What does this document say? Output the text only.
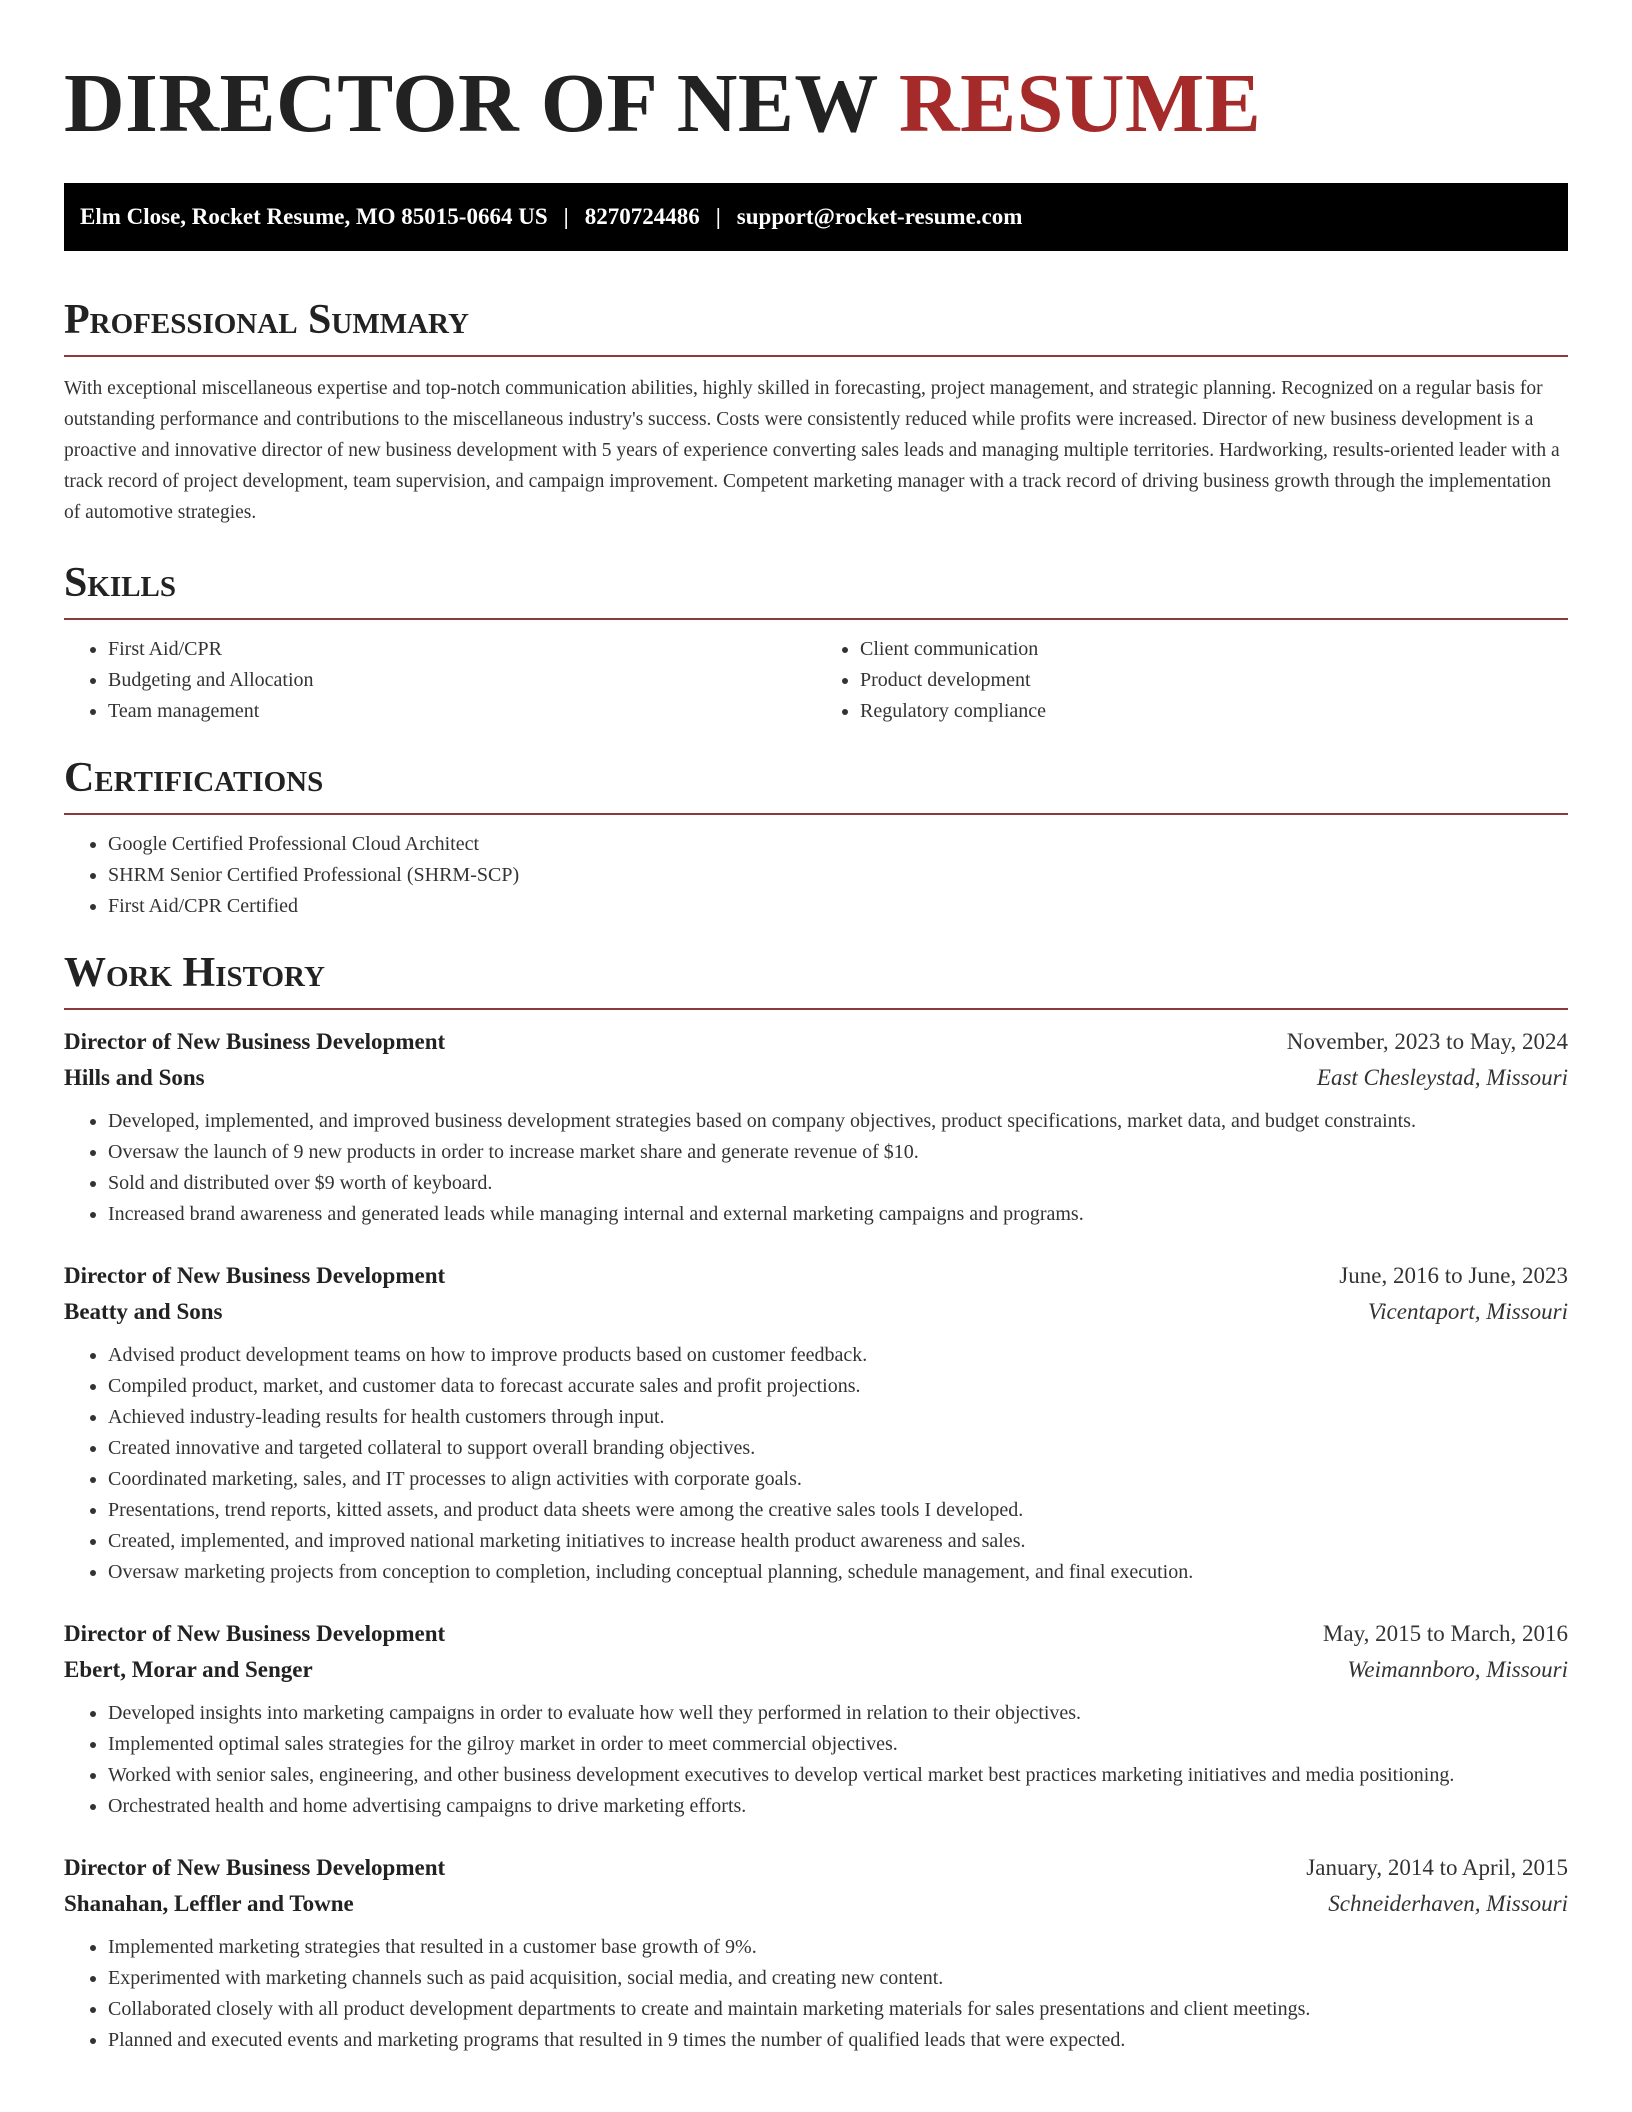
DIRECTOR OF NEW RESUME
Elm Close, Rocket Resume, MO 85015-0664 US | 8270724486 | support@rocket-resume.com
Professional Summary

With exceptional miscellaneous expertise and top-notch communication abilities, highly skilled in forecasting, project management, and strategic planning. Recognized on a regular basis for outstanding performance and contributions to the miscellaneous industry's success. Costs were consistently reduced while profits were increased. Director of new business development is a proactive and innovative director of new business development with 5 years of experience converting sales leads and managing multiple territories. Hardworking, results-oriented leader with a track record of project development, team supervision, and campaign improvement. Competent marketing manager with a track record of driving business growth through the implementation of automotive strategies.

Skills
• First Aid/CPR
• Budgeting and Allocation
• Team management
• Client communication
• Product development
• Regulatory compliance
Certifications
• Google Certified Professional Cloud Architect
• SHRM Senior Certified Professional (SHRM-SCP)
• First Aid/CPR Certified
Work History
Director of New Business Development	November, 2023 to May, 2024
Hills and Sons	East Chesleystad, Missouri
• Developed, implemented, and improved business development strategies based on company objectives, product specifications, market data, and budget constraints.
• Oversaw the launch of 9 new products in order to increase market share and generate revenue of $10.
• Sold and distributed over $9 worth of keyboard.
• Increased brand awareness and generated leads while managing internal and external marketing campaigns and programs.
Director of New Business Development	June, 2016 to June, 2023
Beatty and Sons	Vicentaport, Missouri
• Advised product development teams on how to improve products based on customer feedback.
• Compiled product, market, and customer data to forecast accurate sales and profit projections.
• Achieved industry-leading results for health customers through input.
• Created innovative and targeted collateral to support overall branding objectives.
• Coordinated marketing, sales, and IT processes to align activities with corporate goals.
• Presentations, trend reports, kitted assets, and product data sheets were among the creative sales tools I developed.
• Created, implemented, and improved national marketing initiatives to increase health product awareness and sales.
• Oversaw marketing projects from conception to completion, including conceptual planning, schedule management, and final execution.
Director of New Business Development	May, 2015 to March, 2016
Ebert, Morar and Senger	Weimannboro, Missouri
• Developed insights into marketing campaigns in order to evaluate how well they performed in relation to their objectives.
• Implemented optimal sales strategies for the gilroy market in order to meet commercial objectives.
• Worked with senior sales, engineering, and other business development executives to develop vertical market best practices marketing initiatives and media positioning.
• Orchestrated health and home advertising campaigns to drive marketing efforts.
Director of New Business Development	January, 2014 to April, 2015
Shanahan, Leffler and Towne	Schneiderhaven, Missouri
• Implemented marketing strategies that resulted in a customer base growth of 9%.
• Experimented with marketing channels such as paid acquisition, social media, and creating new content.
• Collaborated closely with all product development departments to create and maintain marketing materials for sales presentations and client meetings.
• Planned and executed events and marketing programs that resulted in 9 times the number of qualified leads that were expected.
